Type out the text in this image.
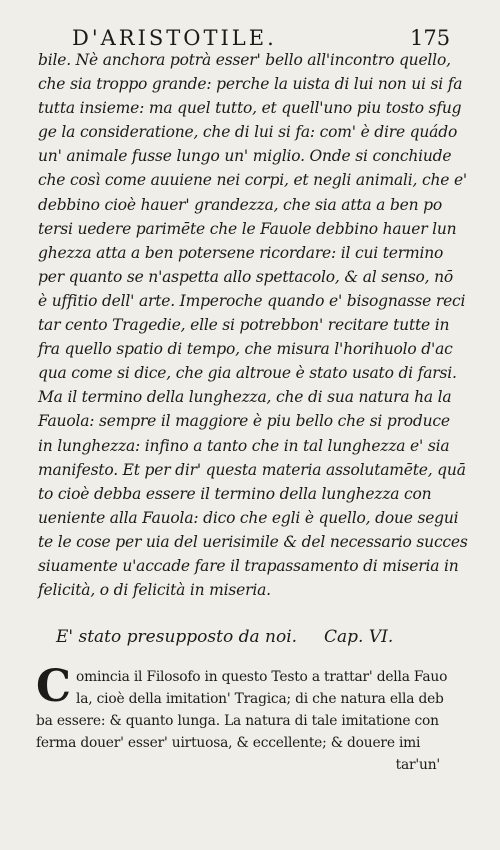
D'ARISTOTILE.	175
bile. Nè anchora potrà esser' bello all'incontro quello,
che sia troppo grande: perche la uista di lui non ui si fa
tutta insieme: ma quel tutto, et quell'uno piu tosto sfug
ge la consideratione, che di lui si fa: com' è dire quádo
un' animale fusse lungo un' miglio. Onde si conchiude
che così come auuiene nei corpi, et negli animali, che e'
debbino cioè hauer' grandezza, che sia atta a ben po
tersi uedere parimēte che le Fauole debbino hauer lun
ghezza atta a ben potersene ricordare: il cui termino
per quanto se n'aspetta allo spettacolo, & al senso, nō
è uffitio dell' arte. Imperoche quando e' bisognasse reci
tar cento Tragedie, elle si potrebbon' recitare tutte in
fra quello spatio di tempo, che misura l'horihuolo d'ac
qua come si dice, che gia altroue è stato usato di farsi.
Ma il termino della lunghezza, che di sua natura ha la
Fauola: sempre il maggiore è piu bello che si produce
in lunghezza: infino a tanto che in tal lunghezza e' sia
manifesto. Et per dir' questa materia assolutamēte, quā
to cioè debba essere il termino della lunghezza con
ueniente alla Fauola: dico che egli è quello, doue segui
te le cose per uia del uerisimile & del necessario succes
siuamente u'accade fare il trapassamento di miseria in
felicità, o di felicità in miseria.
E' stato presupposto da noi. Cap. VI.
C omincia il Filosofo in questo Testo a trattar' della Fauo
la, cioè della imitation' Tragica; di che natura ella deb
ba essere: & quanto lunga. La natura di tale imitatione con
ferma douer' esser' uirtuosa, & eccellente; & douere imi
tar'un'
